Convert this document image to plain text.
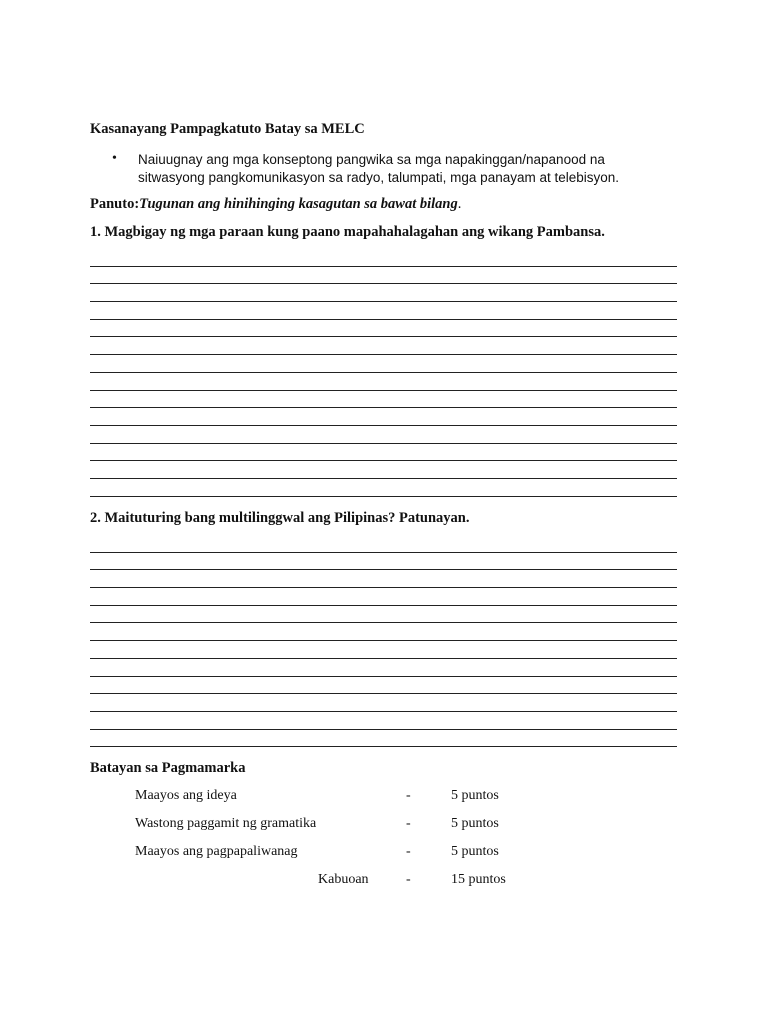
Kasanayang Pampagkatuto Batay sa MELC
• Naiuugnay ang mga konseptong pangwika sa mga napakinggan/napanood na sitwasyong pangkomunikasyon sa radyo, talumpati, mga panayam at telebisyon.
Panuto:Tugunan ang hinihinging kasagutan sa bawat bilang.
1. Magbigay ng mga paraan kung paano mapahahalagahan ang wikang Pambansa.
2. Maituturing bang multilinggwal ang Pilipinas? Patunayan.
Batayan sa Pagmamarka
Maayos ang ideya	-	5 puntos
Wastong paggamit ng gramatika	-	5 puntos
Maayos ang pagpapaliwanag	-	5 puntos
Kabuoan	-	15 puntos
